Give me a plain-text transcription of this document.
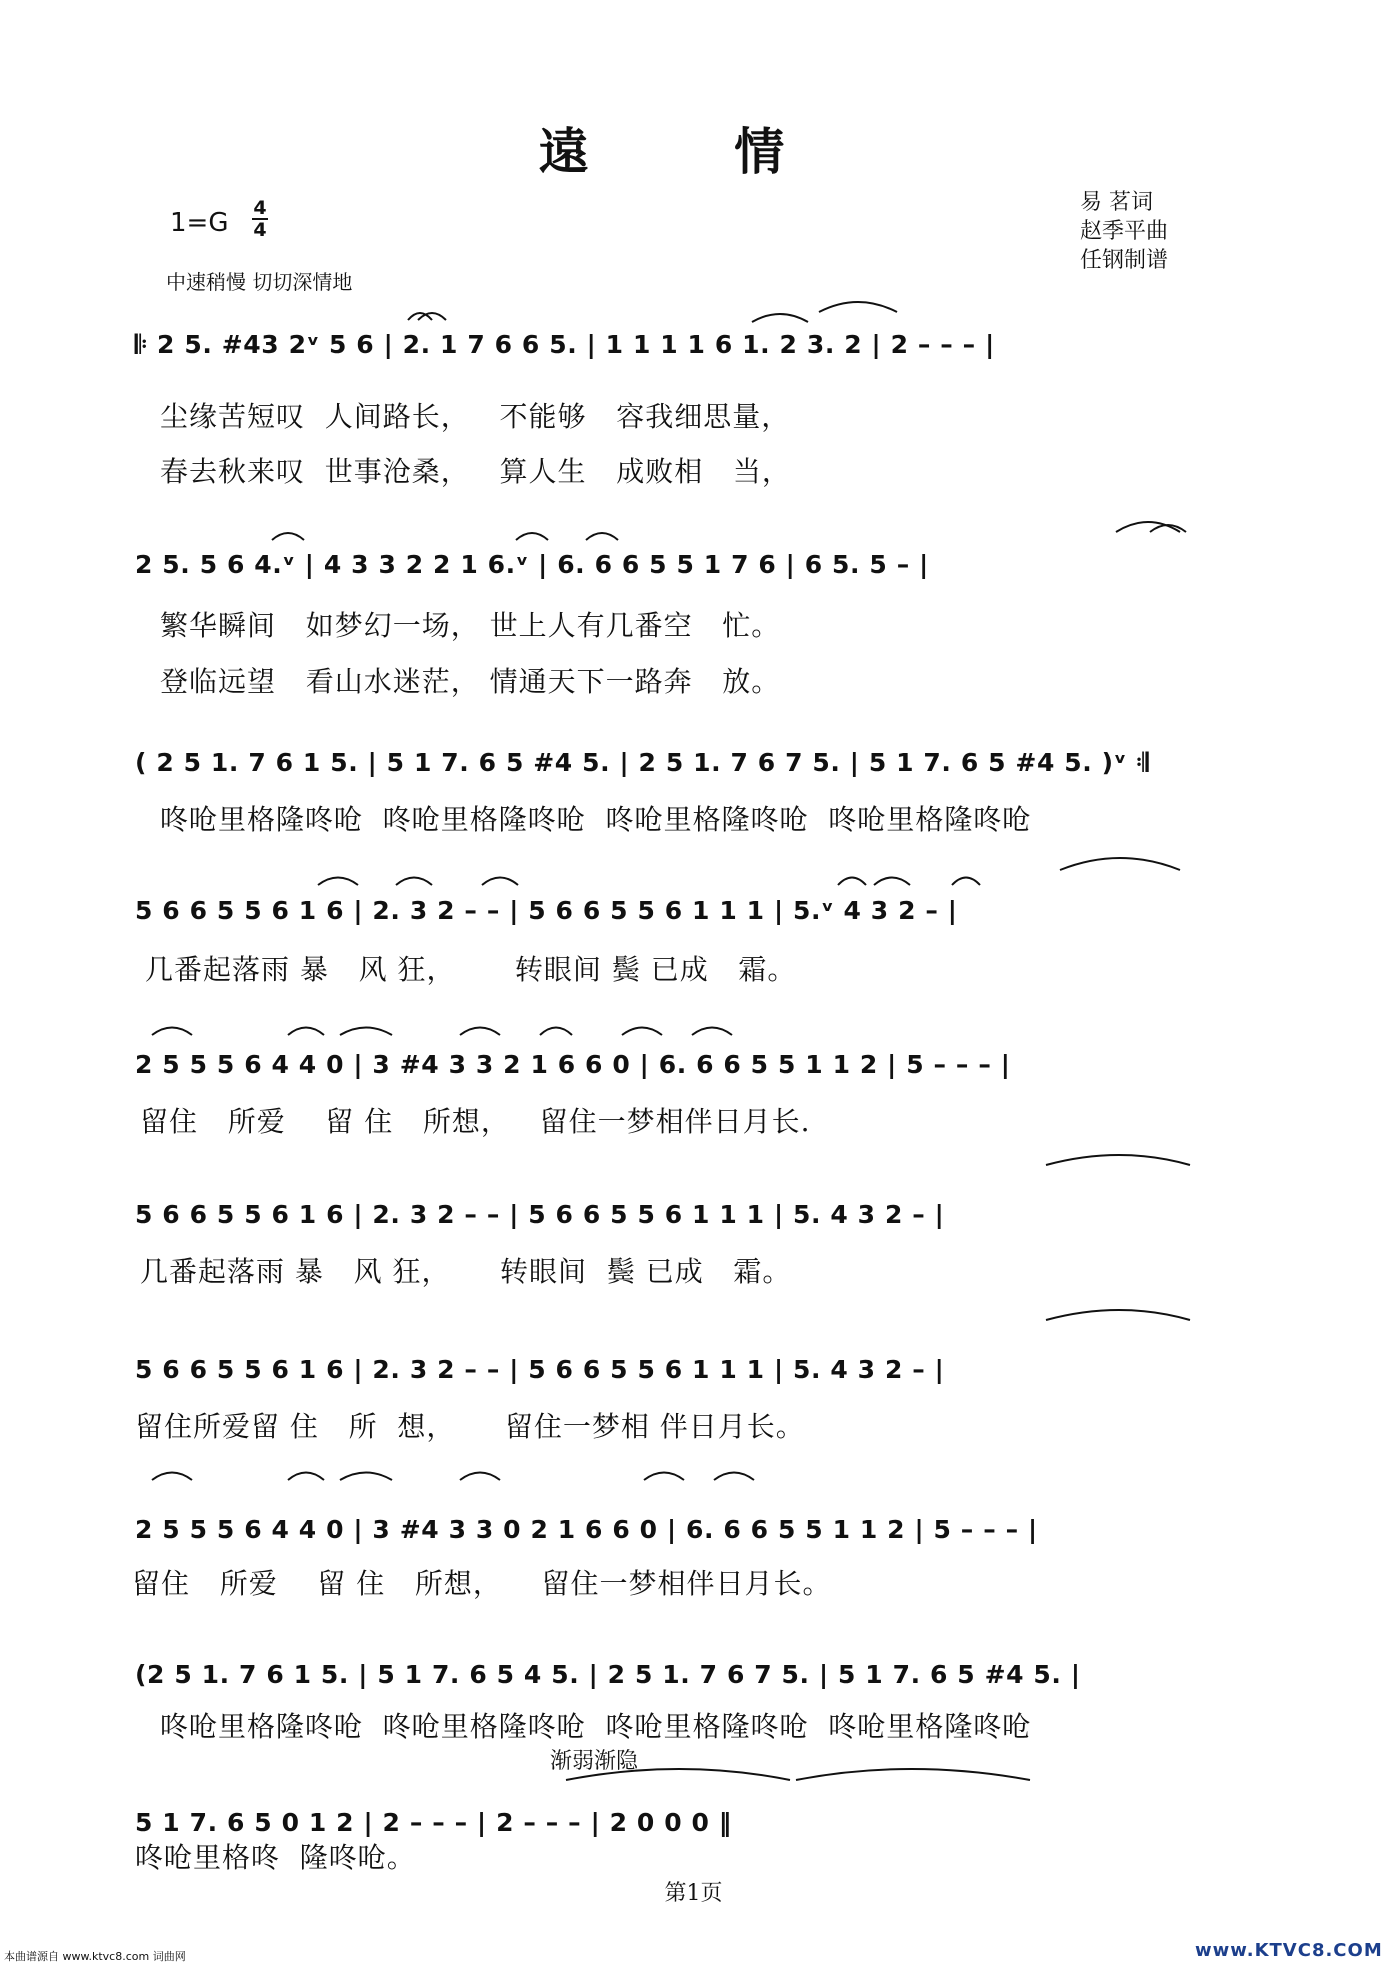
遠 情
$1=G \frac{4}{4}$
中速稍慢 切切深情地
易 茗词
赵季平曲
任钢制谱
𝄆 2 5. #43 2ᵛ 5 6 | 2. 1 7 6 6 5. | 1 1 1 1 6 1. 2 3. 2 | 2 – – – |
尘缘苦短叹  人间路长，   不能够   容我细思量，
春去秋来叹  世事沧桑，   算人生   成败相   当，
2 5. 5 6 4.ᵛ | 4 3 3 2 2 1 6.ᵛ | 6. 6 6 5 5 1 7 6 | 6 5. 5 – |
繁华瞬间   如梦幻一场， 世上人有几番空   忙。
登临远望   看山水迷茫， 情通天下一路奔   放。
( 2 5 1. 7 6 1 5. | 5 1 7. 6 5 #4 5. | 2 5 1. 7 6 7 5. | 5 1 7. 6 5 #4 5. )ᵛ 𝄇
咚呛里格隆咚呛  咚呛里格隆咚呛  咚呛里格隆咚呛  咚呛里格隆咚呛
5 6 6 5 5 6 1 6 | 2. 3 2 – – | 5 6 6 5 5 6 1 1 1 | 5.ᵛ 4 3 2 – |
几番起落雨 暴   风 狂，      转眼间 鬓 已成   霜。
2 5 5 5 6 4 4 0 | 3 #4 3 3 2 1 6 6 0 | 6. 6 6 5 5 1 1 2 | 5 – – – |
留住   所爱    留 住   所想，   留住一梦相伴日月长.
5 6 6 5 5 6 1 6 | 2. 3 2 – – | 5 6 6 5 5 6 1 1 1 | 5. 4 3 2 – |
几番起落雨 暴   风 狂，     转眼间  鬓 已成   霜。
5 6 6 5 5 6 1 6 | 2. 3 2 – – | 5 6 6 5 5 6 1 1 1 | 5. 4 3 2 – |
留住所爱留 住   所  想，     留住一梦相 伴日月长。
2 5 5 5 6 4 4 0 | 3 #4 3 3 0 2 1 6 6 0 | 6. 6 6 5 5 1 1 2 | 5 – – – |
留住   所爱    留 住   所想，    留住一梦相伴日月长。
(2 5 1. 7 6 1 5. | 5 1 7. 6 5 4 5. | 2 5 1. 7 6 7 5. | 5 1 7. 6 5 #4 5. |
咚呛里格隆咚呛  咚呛里格隆咚呛  咚呛里格隆咚呛  咚呛里格隆咚呛
渐弱渐隐
5 1 7. 6 5 0 1 2 | 2 – – – | 2 – – – | 2 0 0 0 ‖
咚呛里格咚  隆咚呛。
第1页
本曲谱源自 www.ktvc8.com 词曲网	www.KTVC8.COM
